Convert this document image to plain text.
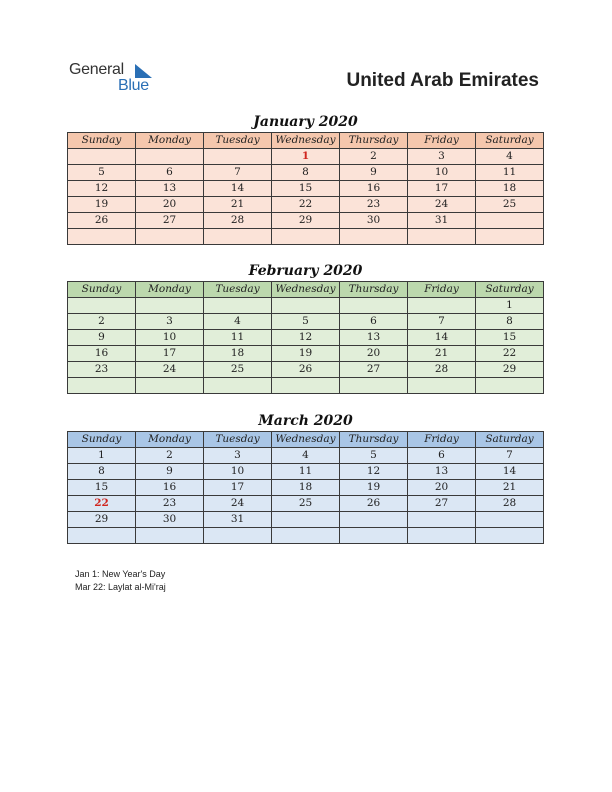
General
Blue	United Arab Emirates
January 2020
Sunday	Monday	Tuesday	Wednesday	Thursday	Friday	Saturday
			1	2	3	4
5	6	7	8	9	10	11
12	13	14	15	16	17	18
19	20	21	22	23	24	25
26	27	28	29	30	31	

February 2020
Sunday	Monday	Tuesday	Wednesday	Thursday	Friday	Saturday
						1
2	3	4	5	6	7	8
9	10	11	12	13	14	15
16	17	18	19	20	21	22
23	24	25	26	27	28	29

March 2020
Sunday	Monday	Tuesday	Wednesday	Thursday	Friday	Saturday
1	2	3	4	5	6	7
8	9	10	11	12	13	14
15	16	17	18	19	20	21
22	23	24	25	26	27	28
29	30	31				

Jan 1: New Year's Day
Mar 22: Laylat al-Mi'raj
